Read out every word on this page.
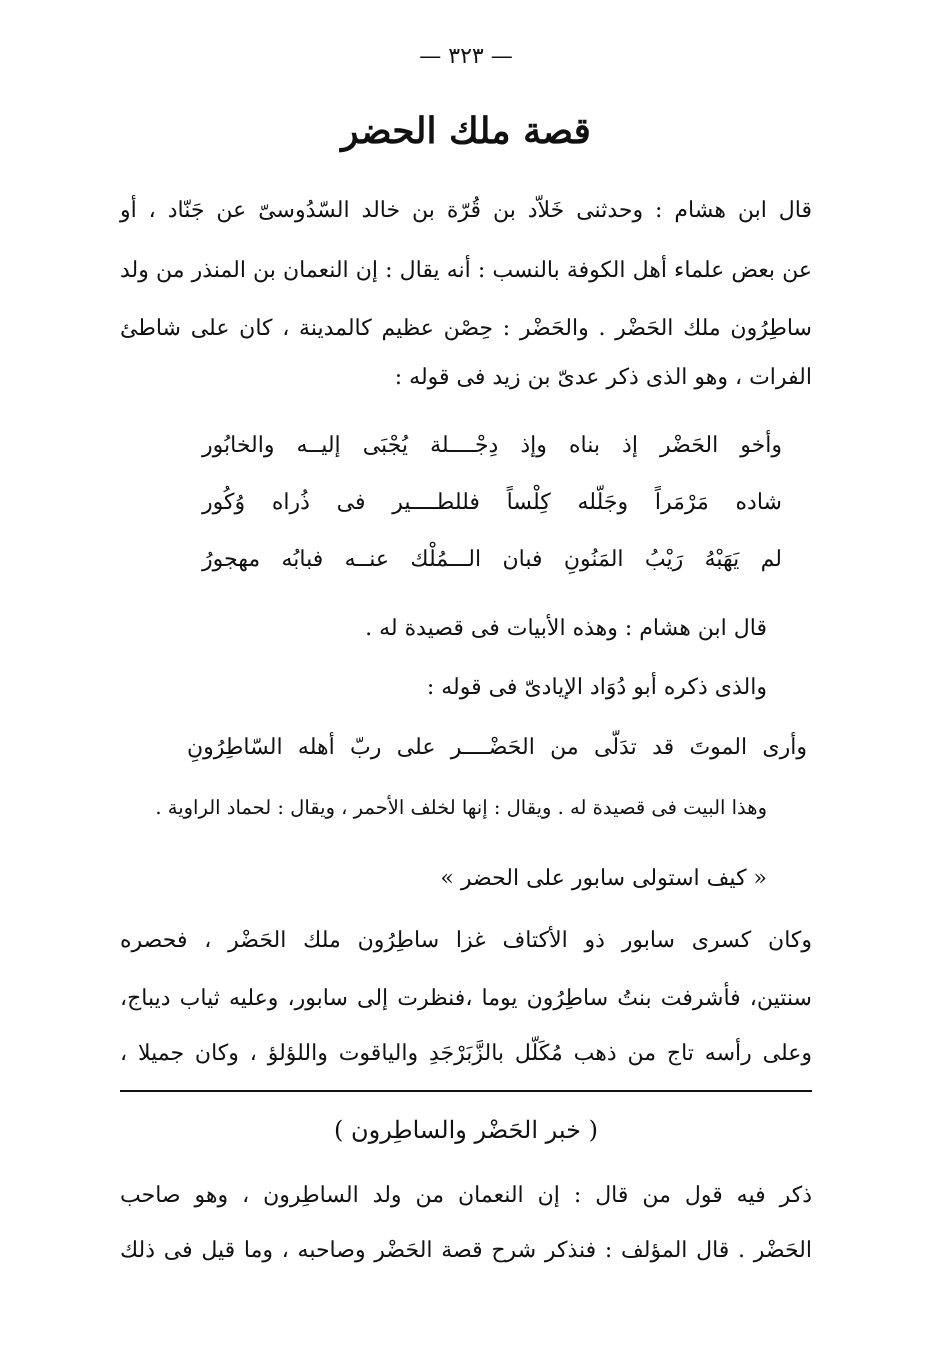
— ٣٢٣ —
قصة ملك الحضر
قال ابن هشام : وحدثنى خَلاّد بن قُرّة بن خالد السّدُوسىّ عن جَنّاد ، أو
عن بعض علماء أهل الكوفة بالنسب : أنه يقال : إن النعمان بن المنذر من ولد
ساطِرُون ملك الحَضْر . والحَضْر : حِصْن عظيم كالمدينة ، كان على شاطئ
الفرات ، وهو الذى ذكر عدىّ بن زيد فى قوله :
وأخو الحَضْر إذ بناه وإذ دِجْــــلة يُجْبَى إليــه والخابُور
شاده مَرْمَراً وجَلّله كِلْساً فللطــــير فى ذُراه وُكُور
لم يَهَبْهُ رَيْبُ المَنُونِ فبان الـــمُلْك عنــه فبابُه مهجورُ
قال ابن هشام : وهذه الأبيات فى قصيدة له .
والذى ذكره أبو دُوَاد الإيادىّ فى قوله :
وأرى الموتَ قد تدَلّى من الحَضْــــر على ربّ أهله السّاطِرُونِ
وهذا البيت فى قصيدة له . ويقال : إنها لخلف الأحمر ، ويقال : لحماد الراوية .
« كيف استولى سابور على الحضر »
وكان كسرى سابور ذو الأكتاف غزا ساطِرُون ملك الحَضْر ، فحصره
سنتين، فأشرفت بنتُ ساطِرُون يوما ،فنظرت إلى سابور، وعليه ثياب ديباج،
وعلى رأسه تاج من ذهب مُكَلّل بالزَّبَرْجَدِ والياقوت واللؤلؤ ، وكان جميلا ،
( خبر الحَضْر والساطِرون )
ذكر فيه قول من قال : إن النعمان من ولد الساطِرون ، وهو صاحب
الحَضْر . قال المؤلف : فنذكر شرح قصة الحَضْر وصاحبه ، وما قيل فى ذلك
